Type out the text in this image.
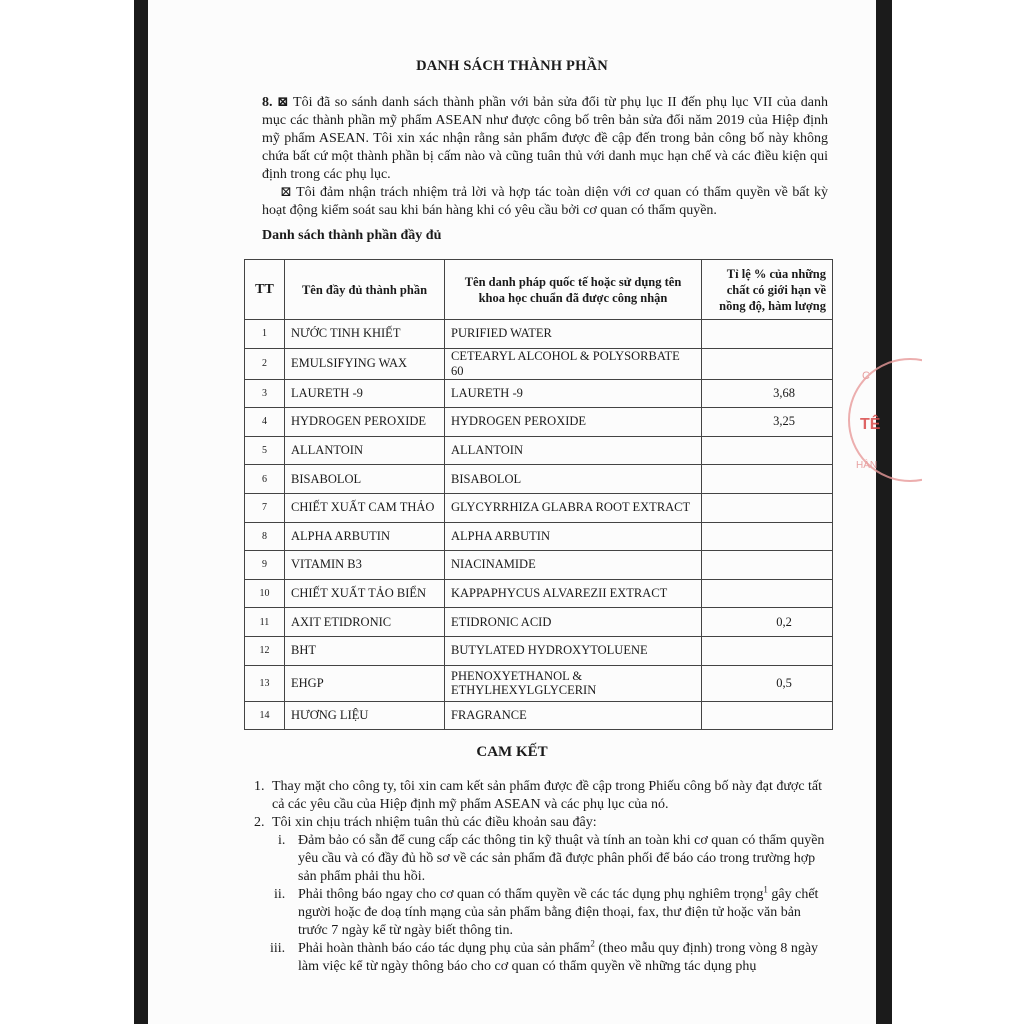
DANH SÁCH THÀNH PHẦN
8. ⊠ Tôi đã so sánh danh sách thành phần với bản sửa đổi từ phụ lục II đến phụ lục VII của danh mục các thành phần mỹ phẩm ASEAN như được công bố trên bản sửa đổi năm 2019 của Hiệp định mỹ phẩm ASEAN. Tôi xin xác nhận rằng sản phẩm được đề cập đến trong bản công bố này không chứa bất cứ một thành phần bị cấm nào và cũng tuân thủ với danh mục hạn chế và các điều kiện qui định trong các phụ lục.
⊠ Tôi đảm nhận trách nhiệm trả lời và hợp tác toàn diện với cơ quan có thẩm quyền về bất kỳ hoạt động kiểm soát sau khi bán hàng khi có yêu cầu bởi cơ quan có thẩm quyền.
Danh sách thành phần đầy đủ
TT	Tên đầy đủ thành phần	Tên danh pháp quốc tế hoặc sử dụng tên khoa học chuẩn đã được công nhận	Tỉ lệ % của những chất có giới hạn về nồng độ, hàm lượng
1	NƯỚC TINH KHIẾT	PURIFIED WATER	
2	EMULSIFYING WAX	CETEARYL ALCOHOL & POLYSORBATE 60	
3	LAURETH -9	LAURETH -9	3,68
4	HYDROGEN PEROXIDE	HYDROGEN PEROXIDE	3,25
5	ALLANTOIN	ALLANTOIN	
6	BISABOLOL	BISABOLOL	
7	CHIẾT XUẤT CAM THẢO	GLYCYRRHIZA GLABRA ROOT EXTRACT	
8	ALPHA ARBUTIN	ALPHA ARBUTIN	
9	VITAMIN B3	NIACINAMIDE	
10	CHIẾT XUẤT TẢO BIỂN	KAPPAPHYCUS ALVAREZII EXTRACT	
11	AXIT ETIDRONIC	ETIDRONIC ACID	0,2
12	BHT	BUTYLATED HYDROXYTOLUENE	
13	EHGP	PHENOXYETHANOL & ETHYLHEXYLGLYCERIN	0,5
14	HƯƠNG LIỆU	FRAGRANCE	
CAM KẾT
1. Thay mặt cho công ty, tôi xin cam kết sản phẩm được đề cập trong Phiếu công bố này đạt được tất cả các yêu cầu của Hiệp định mỹ phẩm ASEAN và các phụ lục của nó.
2. Tôi xin chịu trách nhiệm tuân thủ các điều khoản sau đây:
i. Đảm bảo có sẵn để cung cấp các thông tin kỹ thuật và tính an toàn khi cơ quan có thẩm quyền yêu cầu và có đầy đủ hồ sơ về các sản phẩm đã được phân phối để báo cáo trong trường hợp sản phẩm phải thu hồi.
ii. Phải thông báo ngay cho cơ quan có thẩm quyền về các tác dụng phụ nghiêm trọng$^1$ gây chết người hoặc đe doạ tính mạng của sản phẩm bằng điện thoại, fax, thư điện tử hoặc văn bản trước 7 ngày kể từ ngày biết thông tin.
iii. Phải hoàn thành báo cáo tác dụng phụ của sản phẩm$^2$ (theo mẫu quy định) trong vòng 8 ngày làm việc kể từ ngày thông báo cho cơ quan có thẩm quyền về những tác dụng phụ
C
TÊ
HÀN
